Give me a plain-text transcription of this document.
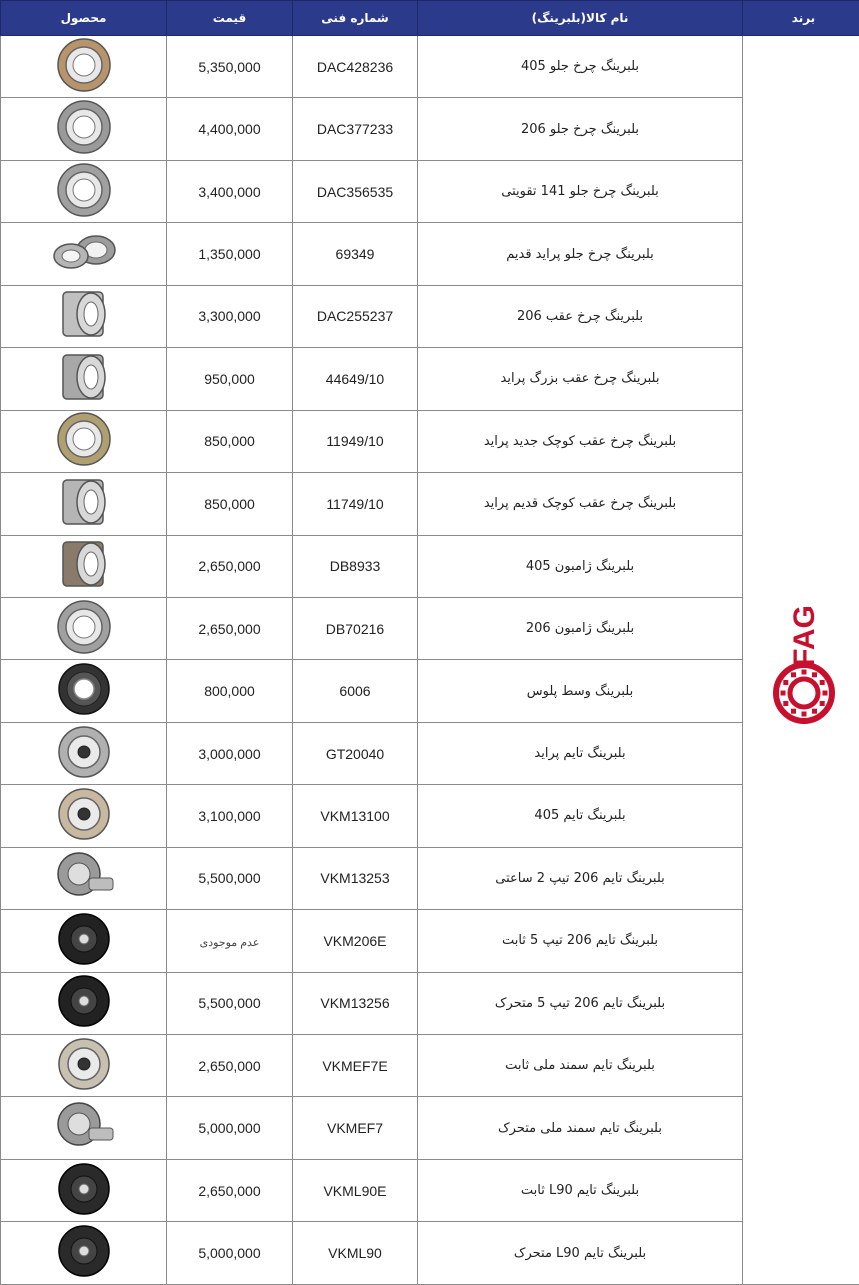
محصول	قیمت	شماره فنی	نام کالا(بلبرینگ)	برند
	5,350,000	DAC428236	بلبرینگ چرخ جلو 405	FAG

	4,400,000	DAC377233	بلبرینگ چرخ جلو 206	
	3,400,000	DAC356535	بلبرینگ چرخ جلو 141 تقویتی	
	1,350,000	69349	بلبرینگ چرخ جلو پراید قدیم	
	3,300,000	DAC255237	بلبرینگ چرخ عقب 206	
	950,000	44649/10	بلبرینگ چرخ عقب بزرگ پراید	
	850,000	11949/10	بلبرینگ چرخ عقب کوچک جدید پراید	
	850,000	11749/10	بلبرینگ چرخ عقب کوچک قدیم پراید	
	2,650,000	DB8933	بلبرینگ ژامبون 405	
	2,650,000	DB70216	بلبرینگ ژامبون 206	
	800,000	6006	بلبرینگ وسط پلوس	
	3,000,000	GT20040	بلبرینگ تایم پراید	
	3,100,000	VKM13100	بلبرینگ تایم 405	
	5,500,000	VKM13253	بلبرینگ تایم 206 تیپ 2 ساعتی	
	عدم موجودی	VKM206E	بلبرینگ تایم 206 تیپ 5 ثابت	
	5,500,000	VKM13256	بلبرینگ تایم 206 تیپ 5 متحرک	
	2,650,000	VKMEF7E	بلبرینگ تایم سمند ملی ثابت	
	5,000,000	VKMEF7	بلبرینگ تایم سمند ملی متحرک	
	2,650,000	VKML90E	بلبرینگ تایم L90 ثابت	
	5,000,000	VKML90	بلبرینگ تایم L90 متحرک	
